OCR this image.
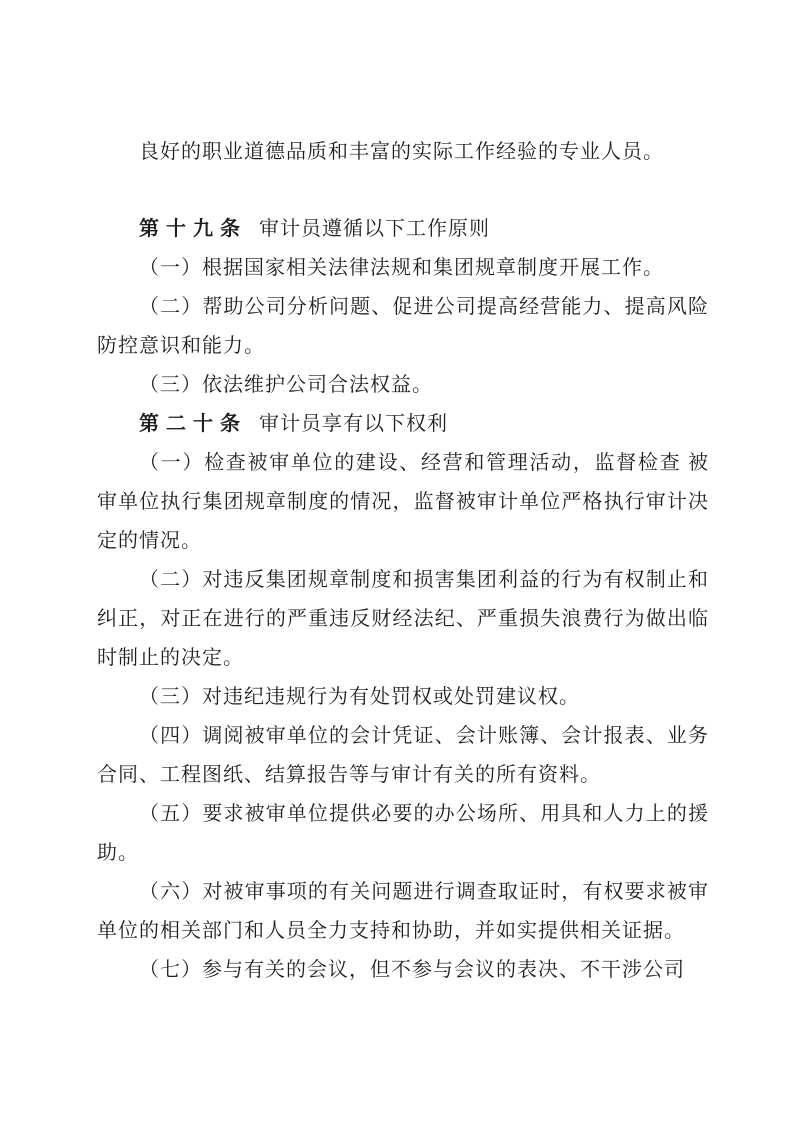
良好的职业道德品质和丰富的实际工作经验的专业人员。

第十九条 审计员遵循以下工作原则

（一）根据国家相关法律法规和集团规章制度开展工作。

（二）帮助公司分析问题、促进公司提高经营能力、提高风险防控意识和能力。

（三）依法维护公司合法权益。

第二十条 审计员享有以下权利

（一）检查被审单位的建设、经营和管理活动，监督检查 被审单位执行集团规章制度的情况，监督被审计单位严格执行审计决定的情况。

（二）对违反集团规章制度和损害集团利益的行为有权制止和纠正，对正在进行的严重违反财经法纪、严重损失浪费行为做出临时制止的决定。

（三）对违纪违规行为有处罚权或处罚建议权。

（四）调阅被审单位的会计凭证、会计账簿、会计报表、业务合同、工程图纸、结算报告等与审计有关的所有资料。

（五）要求被审单位提供必要的办公场所、用具和人力上的援助。

（六）对被审事项的有关问题进行调查取证时，有权要求被审单位的相关部门和人员全力支持和协助，并如实提供相关证据。

（七）参与有关的会议，但不参与会议的表决、不干涉公司
